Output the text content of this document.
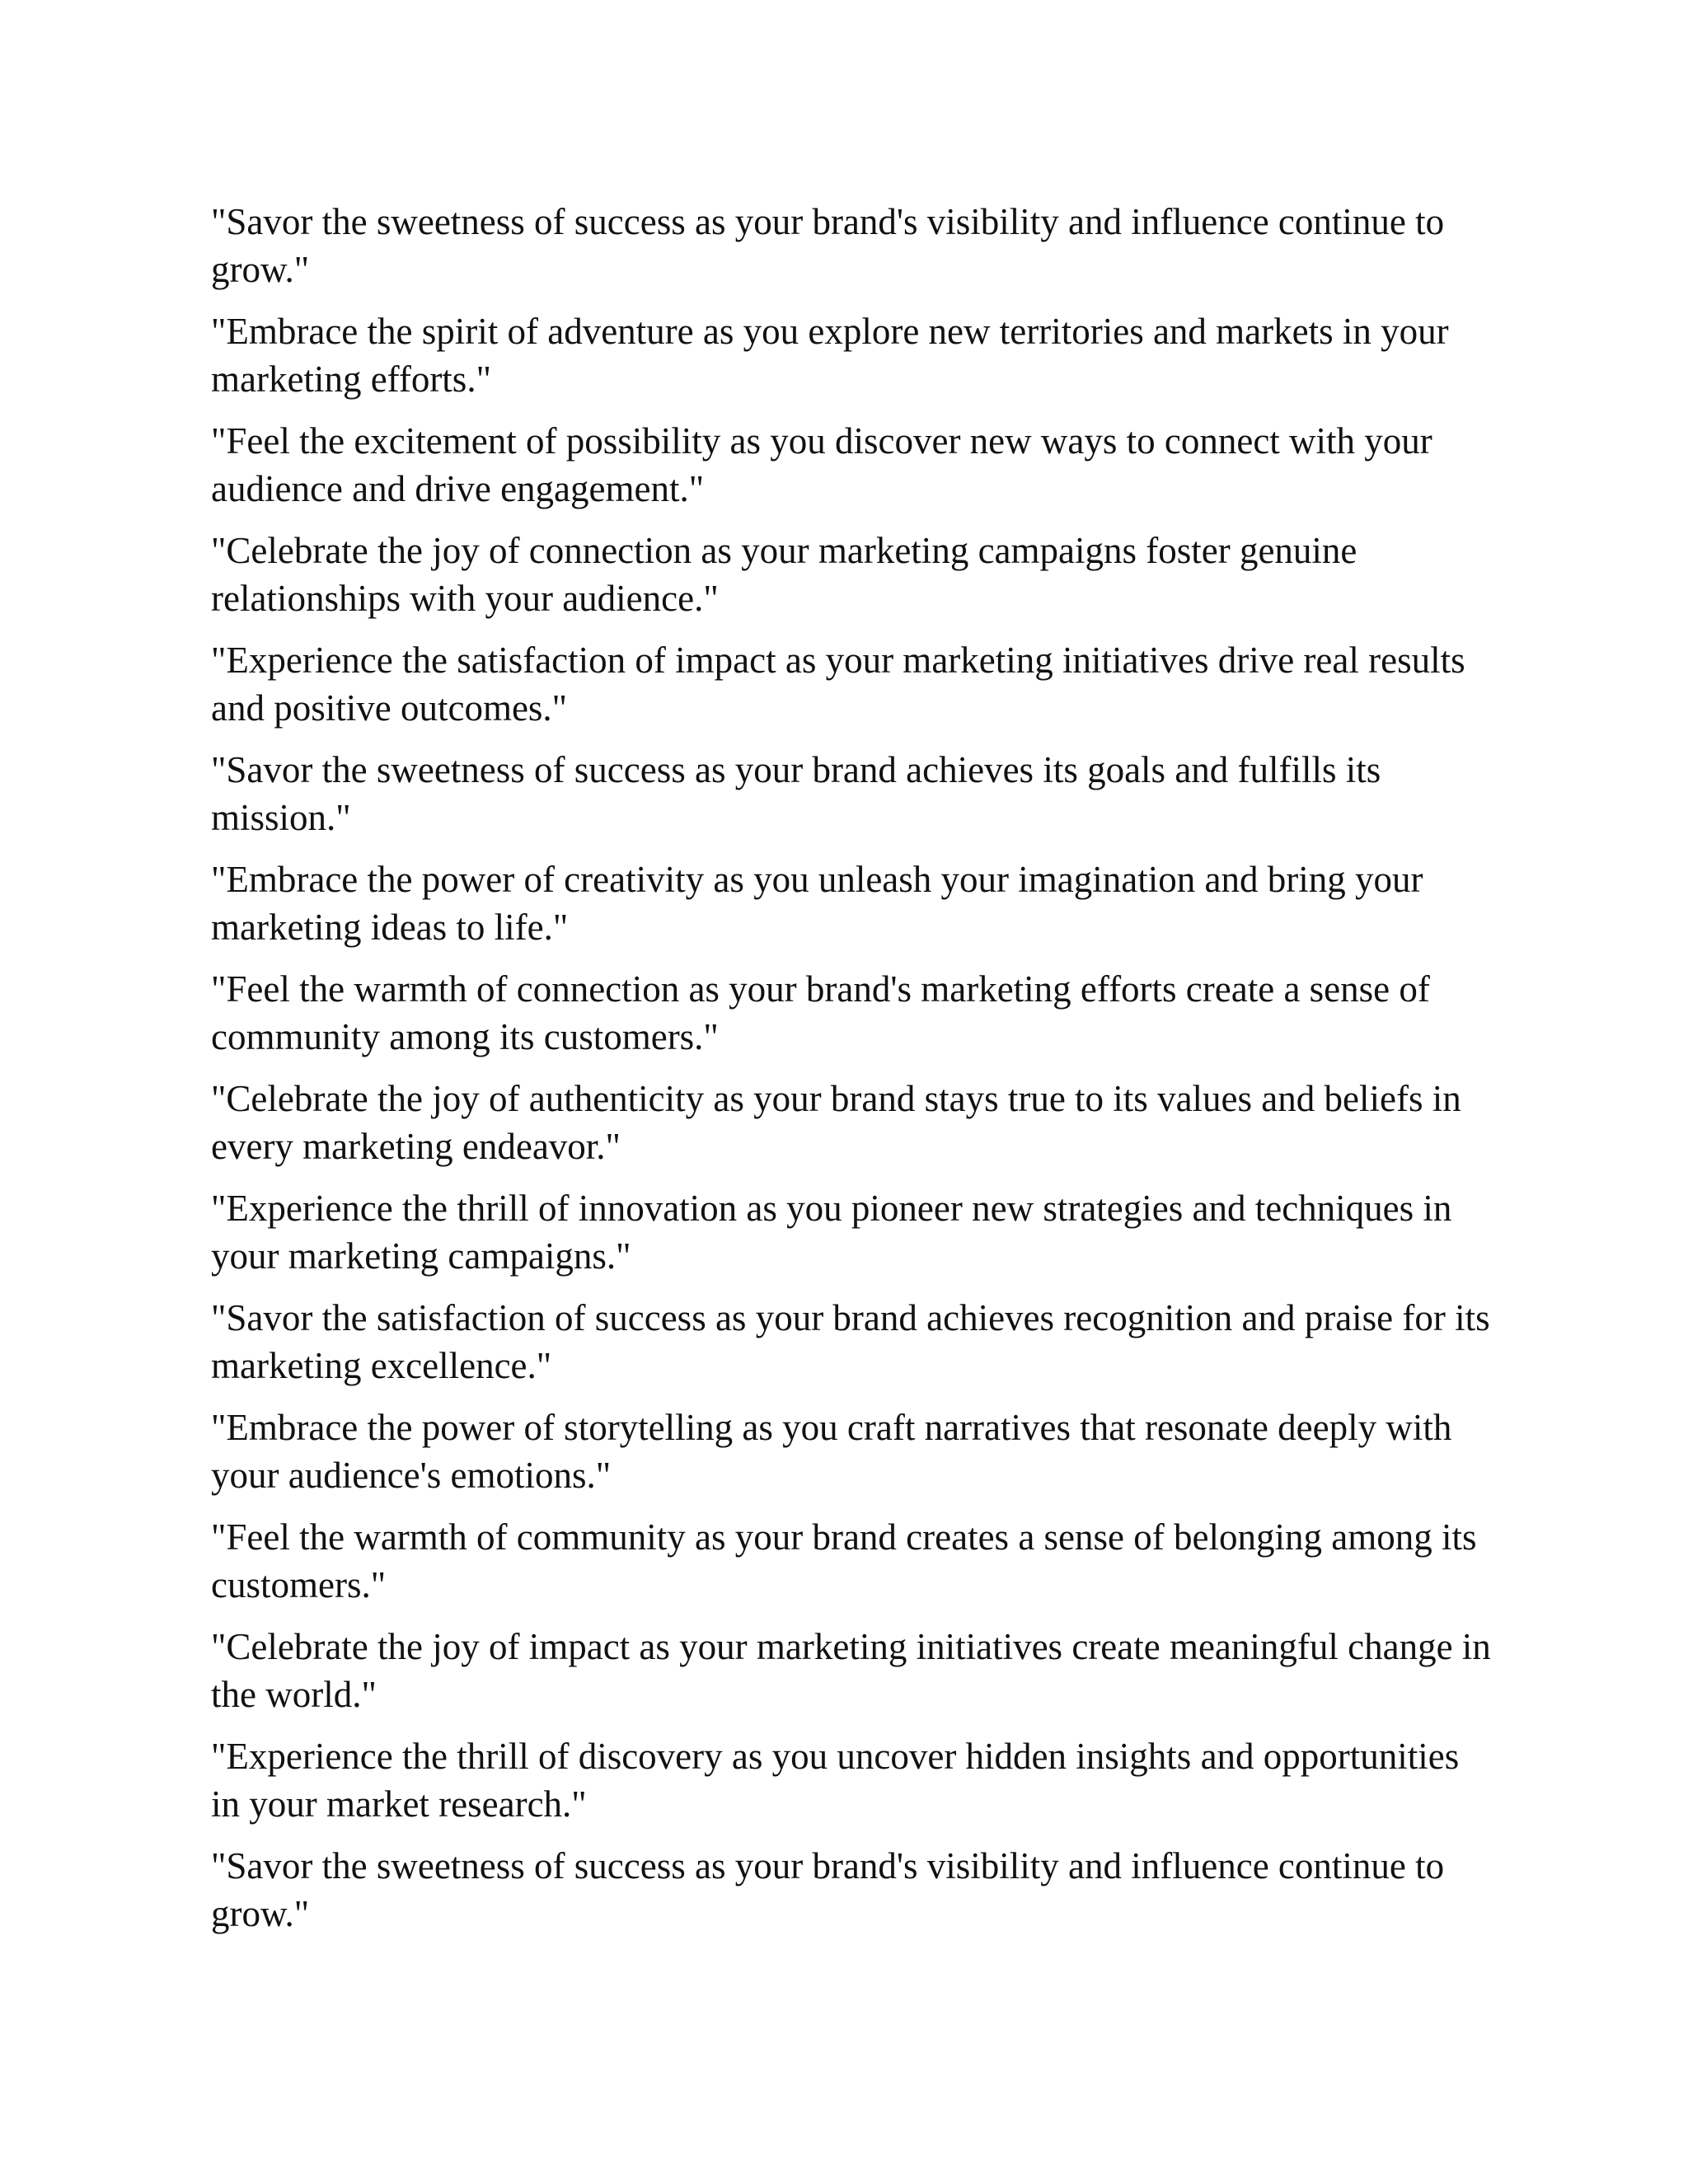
"Savor the sweetness of success as your brand's visibility and influence continue to grow."

"Embrace the spirit of adventure as you explore new territories and markets in your marketing efforts."

"Feel the excitement of possibility as you discover new ways to connect with your audience and drive engagement."

"Celebrate the joy of connection as your marketing campaigns foster genuine relationships with your audience."

"Experience the satisfaction of impact as your marketing initiatives drive real results and positive outcomes."

"Savor the sweetness of success as your brand achieves its goals and fulfills its mission."

"Embrace the power of creativity as you unleash your imagination and bring your marketing ideas to life."

"Feel the warmth of connection as your brand's marketing efforts create a sense of community among its customers."

"Celebrate the joy of authenticity as your brand stays true to its values and beliefs in every marketing endeavor."

"Experience the thrill of innovation as you pioneer new strategies and techniques in your marketing campaigns."

"Savor the satisfaction of success as your brand achieves recognition and praise for its marketing excellence."

"Embrace the power of storytelling as you craft narratives that resonate deeply with your audience's emotions."

"Feel the warmth of community as your brand creates a sense of belonging among its customers."

"Celebrate the joy of impact as your marketing initiatives create meaningful change in the world."

"Experience the thrill of discovery as you uncover hidden insights and opportunities in your market research."

"Savor the sweetness of success as your brand's visibility and influence continue to grow."
